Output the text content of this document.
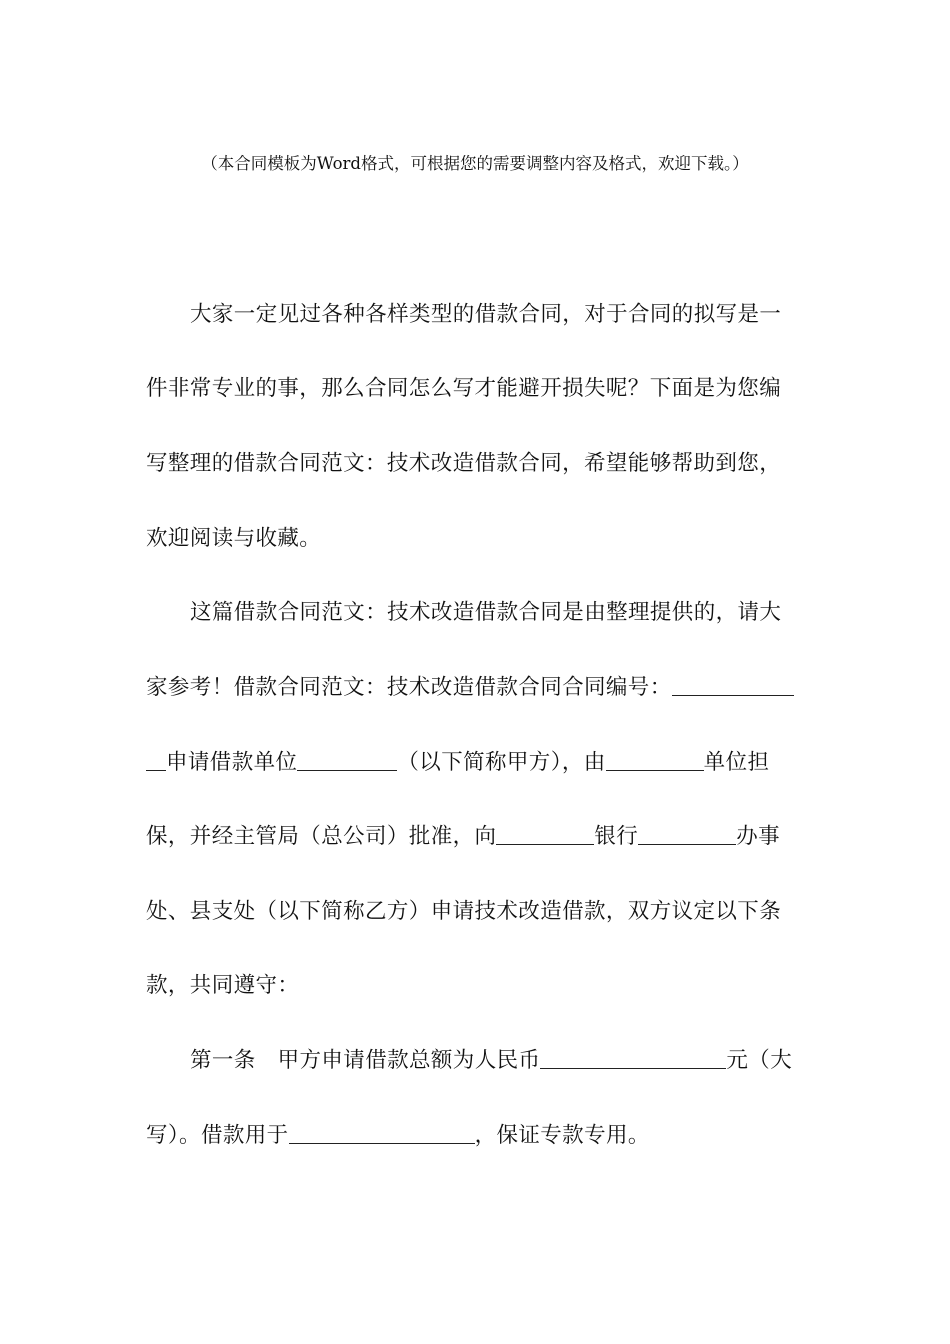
（本合同模板为Word格式，可根据您的需要调整内容及格式，欢迎下载。）
大家一定见过各种各样类型的借款合同，对于合同的拟写是一
件非常专业的事，那么合同怎么写才能避开损失呢？下面是为您编
写整理的借款合同范文：技术改造借款合同，希望能够帮助到您，
欢迎阅读与收藏。
这篇借款合同范文：技术改造借款合同是由整理提供的，请大
家参考！借款合同范文：技术改造借款合同合同编号：
申请借款单位	（以下简称甲方），由	单位担
保，并经主管局（总公司）批准，向	银行	办事
处、县支处（以下简称乙方）申请技术改造借款，双方议定以下条
款，共同遵守：
第一条　甲方申请借款总额为人民币	元（大
写）。借款用于	，保证专款专用。
